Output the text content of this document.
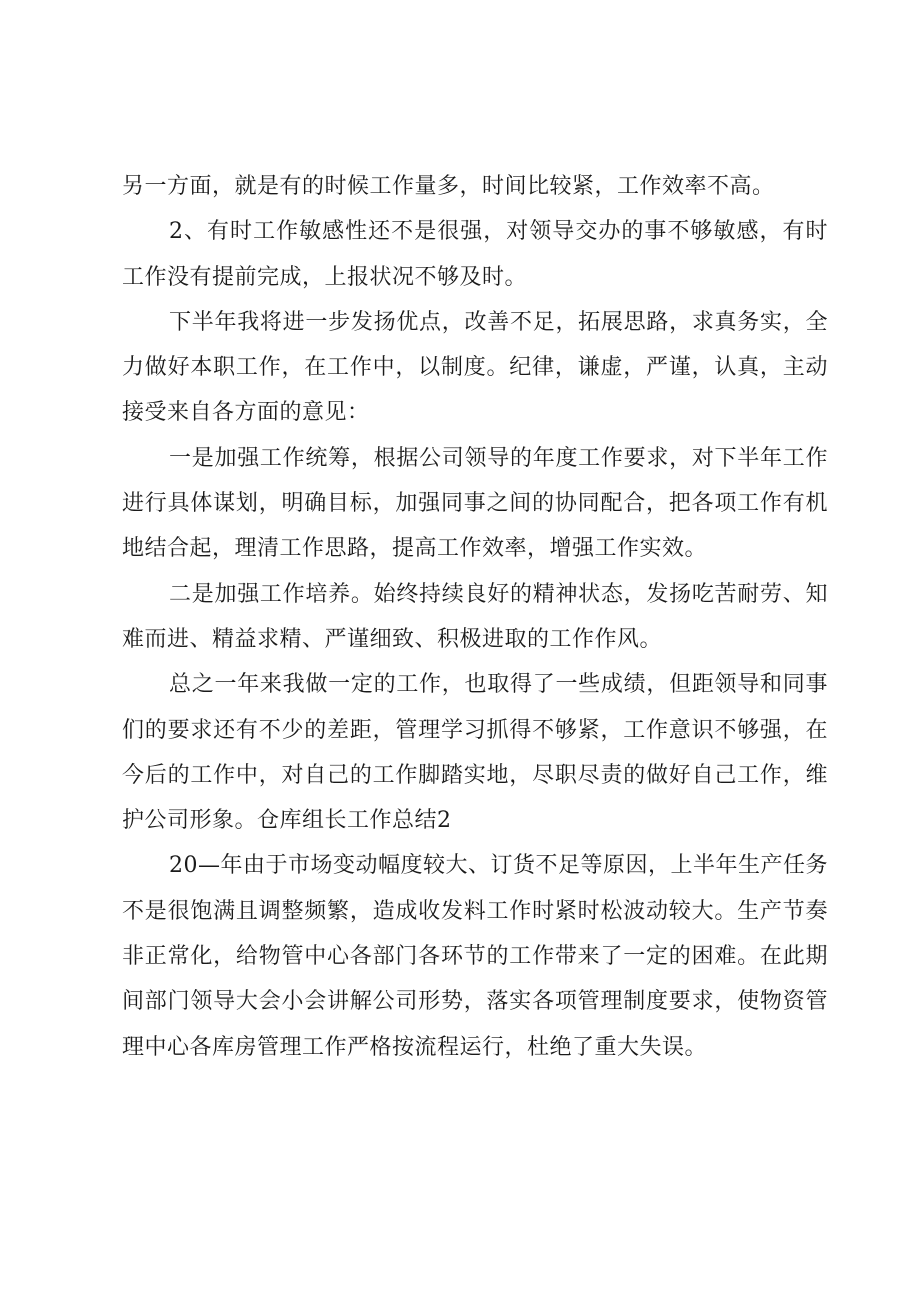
另一方面，就是有的时候工作量多，时间比较紧，工作效率不高。

2、有时工作敏感性还不是很强，对领导交办的事不够敏感，有时工作没有提前完成，上报状况不够及时。

下半年我将进一步发扬优点，改善不足，拓展思路，求真务实，全力做好本职工作，在工作中，以制度。纪律，谦虚，严谨，认真，主动接受来自各方面的意见：

一是加强工作统筹，根据公司领导的年度工作要求，对下半年工作进行具体谋划，明确目标，加强同事之间的协同配合，把各项工作有机地结合起，理清工作思路，提高工作效率，增强工作实效。

二是加强工作培养。始终持续良好的精神状态，发扬吃苦耐劳、知难而进、精益求精、严谨细致、积极进取的工作作风。

总之一年来我做一定的工作，也取得了一些成绩，但距领导和同事们的要求还有不少的差距，管理学习抓得不够紧，工作意识不够强，在今后的工作中，对自己的工作脚踏实地，尽职尽责的做好自己工作，维护公司形象。仓库组长工作总结2

20—年由于市场变动幅度较大、订货不足等原因，上半年生产任务不是很饱满且调整频繁，造成收发料工作时紧时松波动较大。生产节奏非正常化，给物管中心各部门各环节的工作带来了一定的困难。在此期间部门领导大会小会讲解公司形势，落实各项管理制度要求，使物资管理中心各库房管理工作严格按流程运行，杜绝了重大失误。
